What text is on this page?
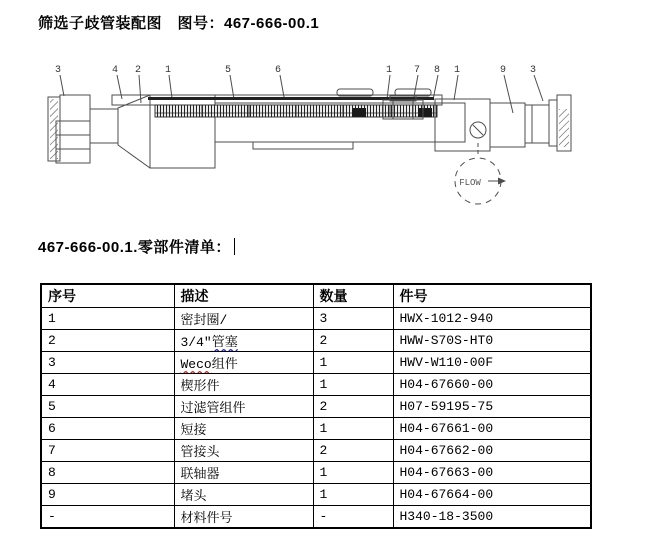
筛选子歧管装配图　图号：467-666-00.1
3	4 2 1	5	6	1 7 8 1	9 3
FLOW
467-666-00.1.零部件清单：
序号	描述	数量	件号
1	密封圈/	3	HWX-1012-940
2	3/4"管塞	2	HWW-S70S-HT0
3	Weco组件	1	HWV-W110-00F
4	楔形件	1	H04-67660-00
5	过滤管组件	2	H07-59195-75
6	短接	1	H04-67661-00
7	管接头	2	H04-67662-00
8	联轴器	1	H04-67663-00
9	堵头	1	H04-67664-00
-	材料件号	-	H340-18-3500
